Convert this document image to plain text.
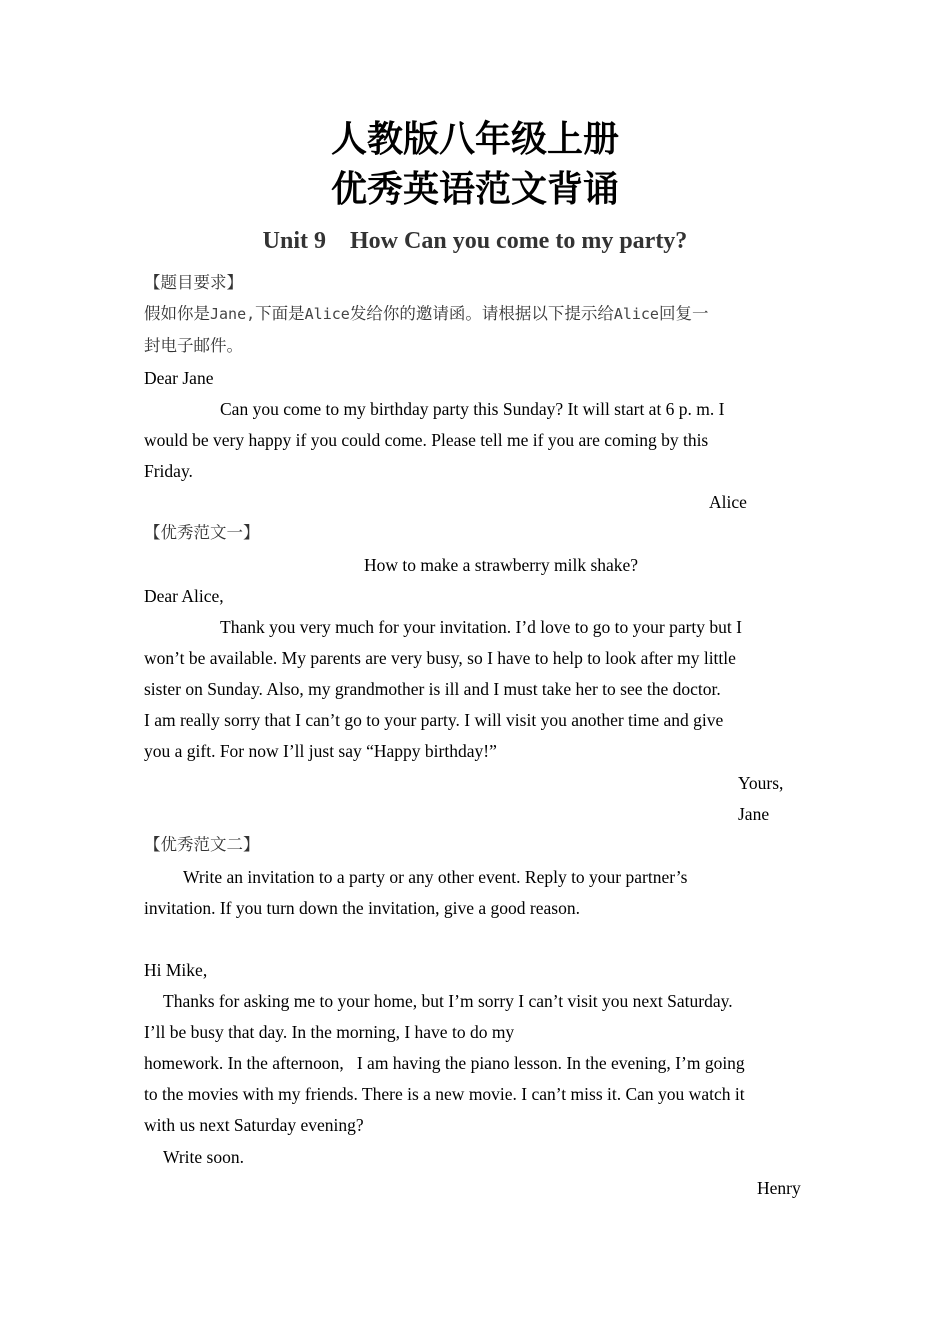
人教版八年级上册
优秀英语范文背诵
Unit 9　How Can you come to my party?
【题目要求】
假如你是Jane,下面是Alice发给你的邀请函。请根据以下提示给Alice回复一
封电子邮件。
Dear Jane
Can you come to my birthday party this Sunday? It will start at 6 p. m. I
would be very happy if you could come. Please tell me if you are coming by this
Friday.
Alice
【优秀范文一】
How to make a strawberry milk shake?
Dear Alice,
Thank you very much for your invitation. I’d love to go to your party but I
won’t be available. My parents are very busy, so I have to help to look after my little
sister on Sunday. Also, my grandmother is ill and I must take her to see the doctor.
I am really sorry that I can’t go to your party. I will visit you another time and give
you a gift. For now I’ll just say “Happy birthday!”
Yours,
Jane
【优秀范文二】
Write an invitation to a party or any other event. Reply to your partner’s
invitation. If you turn down the invitation, give a good reason.
Hi Mike,
Thanks for asking me to your home, but I’m sorry I can’t visit you next Saturday.
I’ll be busy that day. In the morning, I have to do my
homework. In the afternoon,   I am having the piano lesson. In the evening, I’m going
to the movies with my friends. There is a new movie. I can’t miss it. Can you watch it
with us next Saturday evening?
Write soon.
Henry
